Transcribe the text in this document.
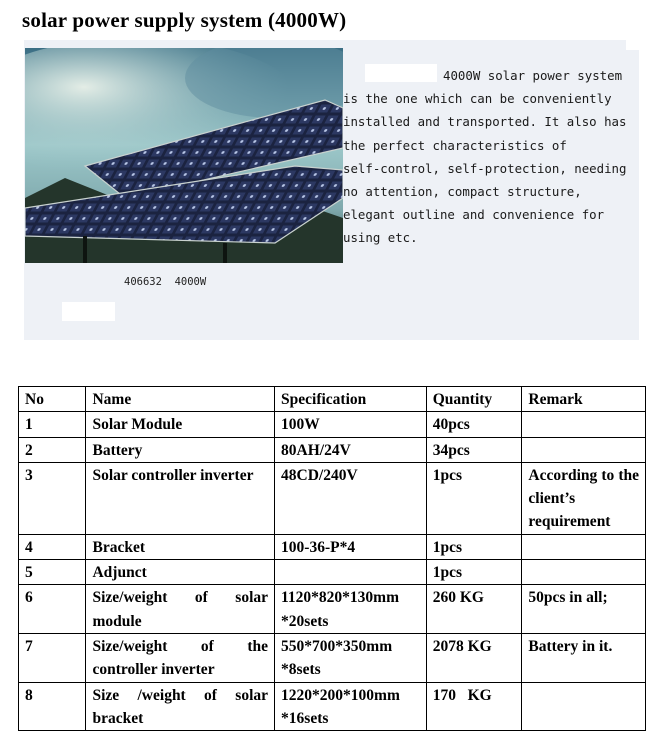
solar power supply system (4000W)
4000W solar power system
is the one which can be conveniently
installed and transported. It also has
the perfect characteristics of
self-control, self-protection, needing
no attention, compact structure,
elegant outline and convenience for
using etc.
406632  4000W
No	Name	Specification	Quantity	Remark
1	Solar Module	100W	40pcs	
2	Battery	80AH/24V	34pcs	
3	Solar controller inverter	48CD/240V	1pcs	According to the client’s requirement
4	Bracket	100-36-P*4	1pcs	
5	Adjunct		1pcs	
6	Size/weight of solar module	1120*820*130mm *20sets	260 KG	50pcs in all;
7	Size/weight of the controller inverter	550*700*350mm *8sets	2078 KG	Battery in it.
8	Size /weight of solar bracket	1220*200*100mm *16sets	170   KG	
